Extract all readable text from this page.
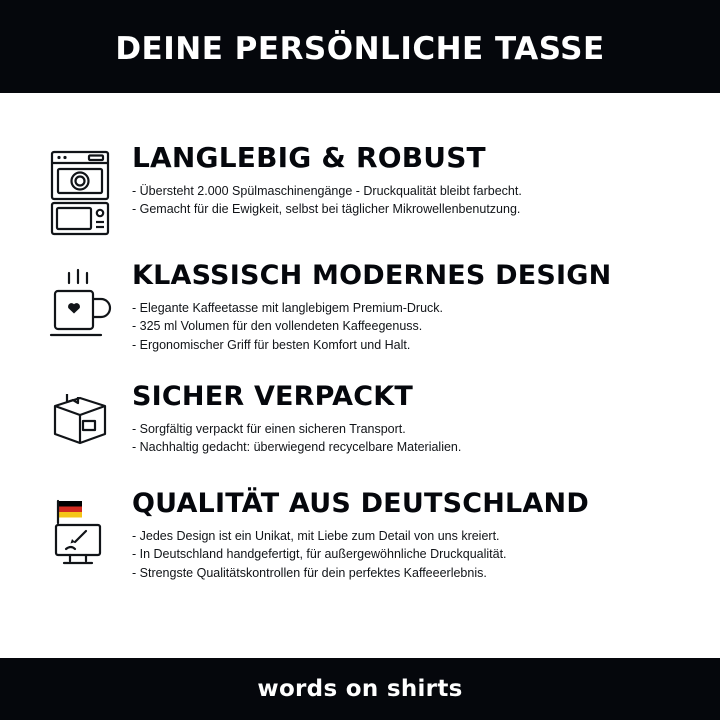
DEINE PERSÖNLICHE TASSE
LANGLEBIG & ROBUST
- Übersteht 2.000 Spülmaschinengänge - Druckqualität bleibt farbecht.
- Gemacht für die Ewigkeit, selbst bei täglicher Mikrowellenbenutzung.
KLASSISCH MODERNES DESIGN
- Elegante Kaffeetasse mit langlebigem Premium-Druck.
- 325 ml Volumen für den vollendeten Kaffeegenuss.
- Ergonomischer Griff für besten Komfort und Halt.
SICHER VERPACKT
- Sorgfältig verpackt für einen sicheren Transport.
- Nachhaltig gedacht: überwiegend recycelbare Materialien.
QUALITÄT AUS DEUTSCHLAND
- Jedes Design ist ein Unikat, mit Liebe zum Detail von uns kreiert.
- In Deutschland handgefertigt, für außergewöhnliche Druckqualität.
- Strengste Qualitätskontrollen für dein perfektes Kaffeeerlebnis.
words on shirts
